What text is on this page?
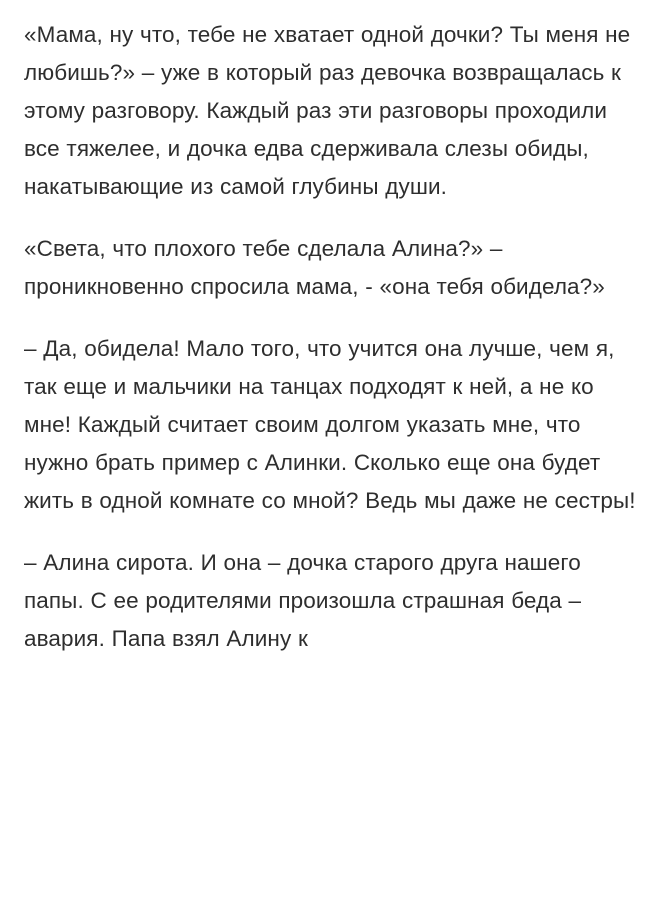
«Мама, ну что, тебе не хватает одной дочки? Ты меня не любишь?» – уже в который раз девочка возвращалась к этому разговору. Каждый раз эти разговоры проходили все тяжелее, и дочка едва сдерживала слезы обиды, накатывающие из самой глубины души.

«Света, что плохого тебе сделала Алина?» – проникновенно спросила мама, - «она тебя обидела?»

– Да, обидела! Мало того, что учится она лучше, чем я, так еще и мальчики на танцах подходят к ней, а не ко мне! Каждый считает своим долгом указать мне, что нужно брать пример с Алинки. Сколько еще она будет жить в одной комнате со мной? Ведь мы даже не сестры!

– Алина сирота. И она – дочка старого друга нашего папы. С ее родителями произошла страшная беда – авария. Папа взял Алину к
